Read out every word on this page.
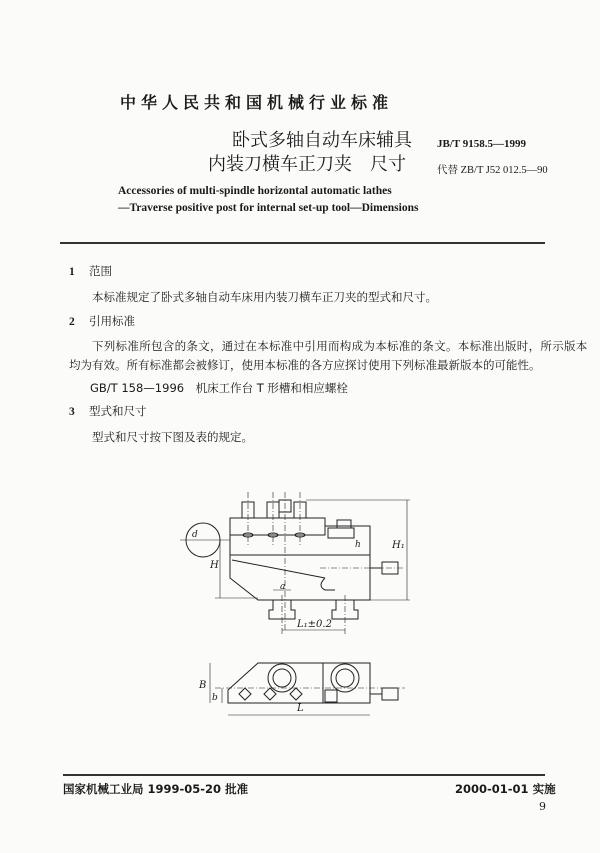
中华人民共和国机械行业标准
卧式多轴自动车床辅具
内装刀横车正刀夹　尺寸
JB/T 9158.5—1999
代替 ZB/T J52 012.5—90
Accessories of multi-spindle horizontal automatic lathes
—Traverse positive post for internal set-up tool—Dimensions
1 范围
本标准规定了卧式多轴自动车床用内装刀横车正刀夹的型式和尺寸。
2 引用标准
下列标准所包含的条文，通过在本标准中引用而构成为本标准的条文。本标准出版时，所示版本
均为有效。所有标准都会被修订，使用本标准的各方应探讨使用下列标准最新版本的可能性。
GB/T 158—1996　机床工作台 T 形槽和相应螺栓
3 型式和尺寸
型式和尺寸按下图及表的规定。
d
h
H
H₁
a
L₁±0.2
B
b
L
国家机械工业局 1999-05-20 批准	2000-01-01 实施
9
